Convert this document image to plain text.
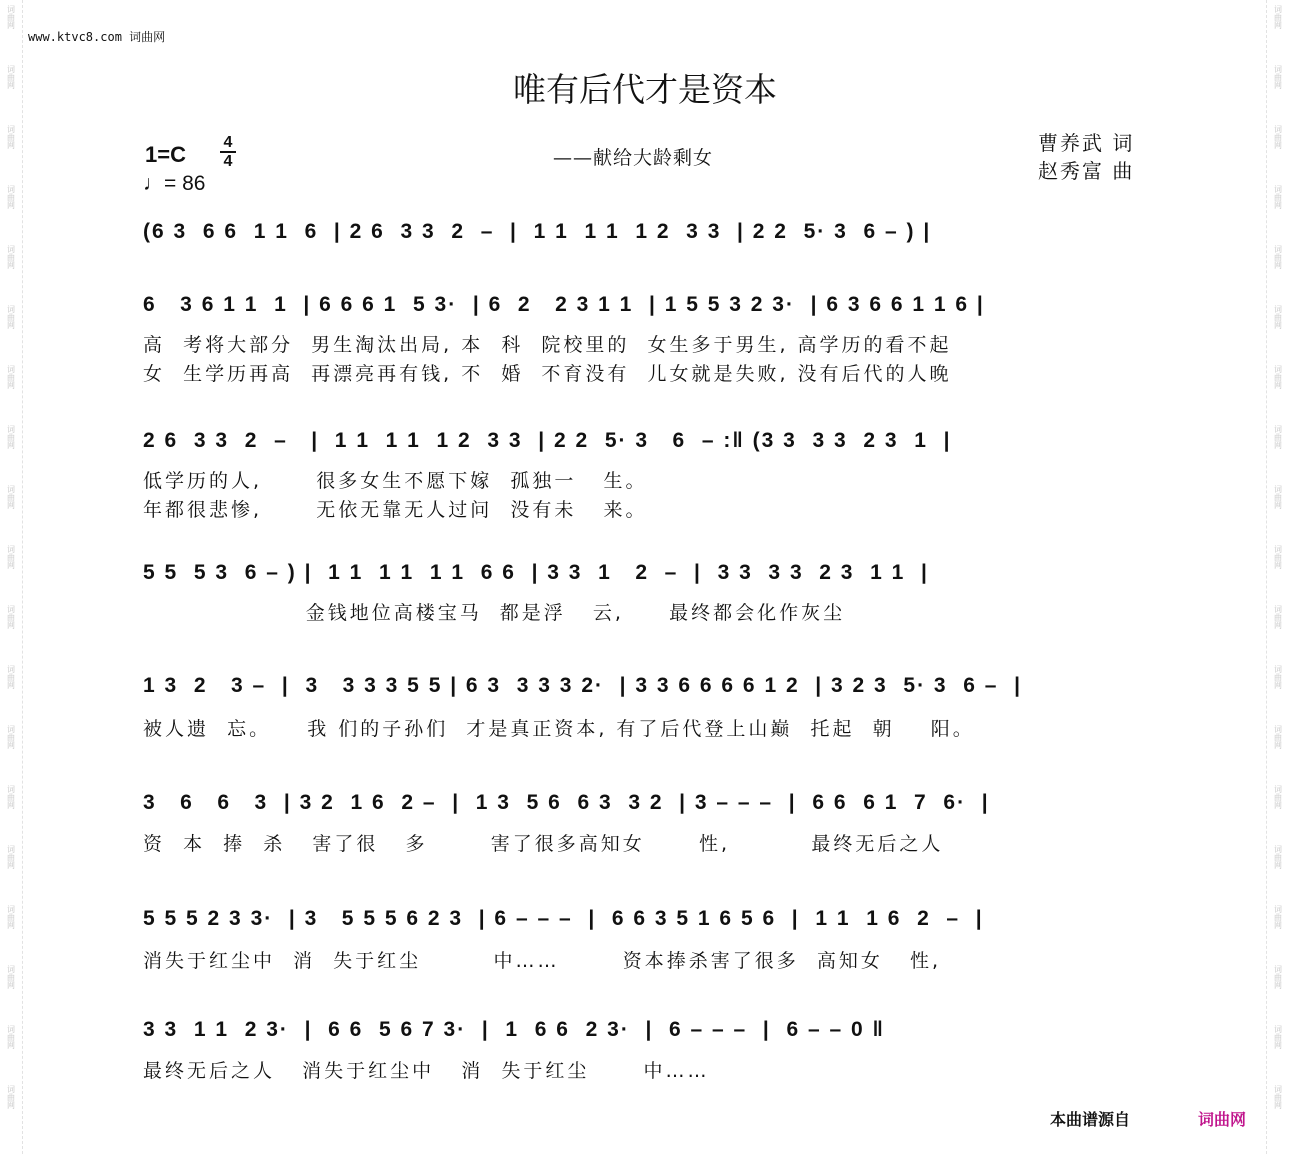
词
曲
网
词
曲
网
词
曲
网
词
曲
网
词
曲
网
词
曲
网
词
曲
网
词
曲
网
词
曲
网
词
曲
网
词
曲
网
词
曲
网
词
曲
网
词
曲
网
词
曲
网
词
曲
网
词
曲
网
词
曲
网
词
曲
网
词
曲
网
词
曲
网
词
曲
网
词
曲
网
词
曲
网
词
曲
网
词
曲
网
词
曲
网
词
曲
网
词
曲
网
词
曲
网
词
曲
网
词
曲
网
词
曲
网
词
曲
网
词
曲
网
词
曲
网
词
曲
网
词
曲
网
www.ktvc8.com 词曲网
唯有后代才是资本
——献给大龄剩女
1=C 4
4
♩= 86
曹养武 词
赵秀富 曲
(6 3  6 6  1 1  6  | 2 6  3 3  2  –  |  1 1  1 1  1 2  3 3  | 2 2  5· 3  6 – ) |
6   3 6 1 1  1  | 6 6 6 1  5 3·  | 6  2   2 3 1 1  | 1 5 5 3 2 3·  | 6 3 6 6 1 1 6 |
高  考将大部分  男生淘汰出局, 本  科  院校里的  女生多于男生, 高学历的看不起
女  生学历再高  再漂亮再有钱, 不  婚  不育没有  儿女就是失败, 没有后代的人晚
2 6  3 3  2  –   |  1 1  1 1  1 2  3 3  | 2 2  5· 3   6  – :‖ (3 3  3 3  2 3  1  |
低学历的人,      很多女生不愿下嫁  孤独一   生。
年都很悲惨,      无依无靠无人过问  没有未   来。
5 5  5 3  6 – ) |  1 1  1 1  1 1  6 6  | 3 3  1   2  –  |  3 3  3 3  2 3  1 1  |
金钱地位高楼宝马  都是浮   云,     最终都会化作灰尘
1 3  2   3 –  |  3   3 3 3 5 5 | 6 3  3 3 3 2·  | 3 3 6 6 6 6 1 2  | 3 2 3  5· 3  6 –  |
被人遗  忘。    我 们的子孙们  才是真正资本, 有了后代登上山巅  托起  朝    阳。
3   6   6   3  | 3 2  1 6  2 –  |  1 3  5 6  6 3  3 2  | 3 – – –  |  6 6  6 1  7  6·  |
资  本  捧  杀   害了很   多       害了很多高知女      性,         最终无后之人
5 5 5 2 3 3·  | 3   5 5 5 6 2 3  | 6 – – –  |  6 6 3 5 1 6 5 6  |  1 1  1 6  2  –  |
消失于红尘中  消  失于红尘        中……       资本捧杀害了很多  高知女   性,
3 3  1 1  2 3·  |  6 6  5 6 7 3·  |  1  6 6  2 3·  |  6 – – –  |  6 – – 0 ‖
最终无后之人   消失于红尘中   消  失于红尘      中……
本曲谱源自	词曲网
